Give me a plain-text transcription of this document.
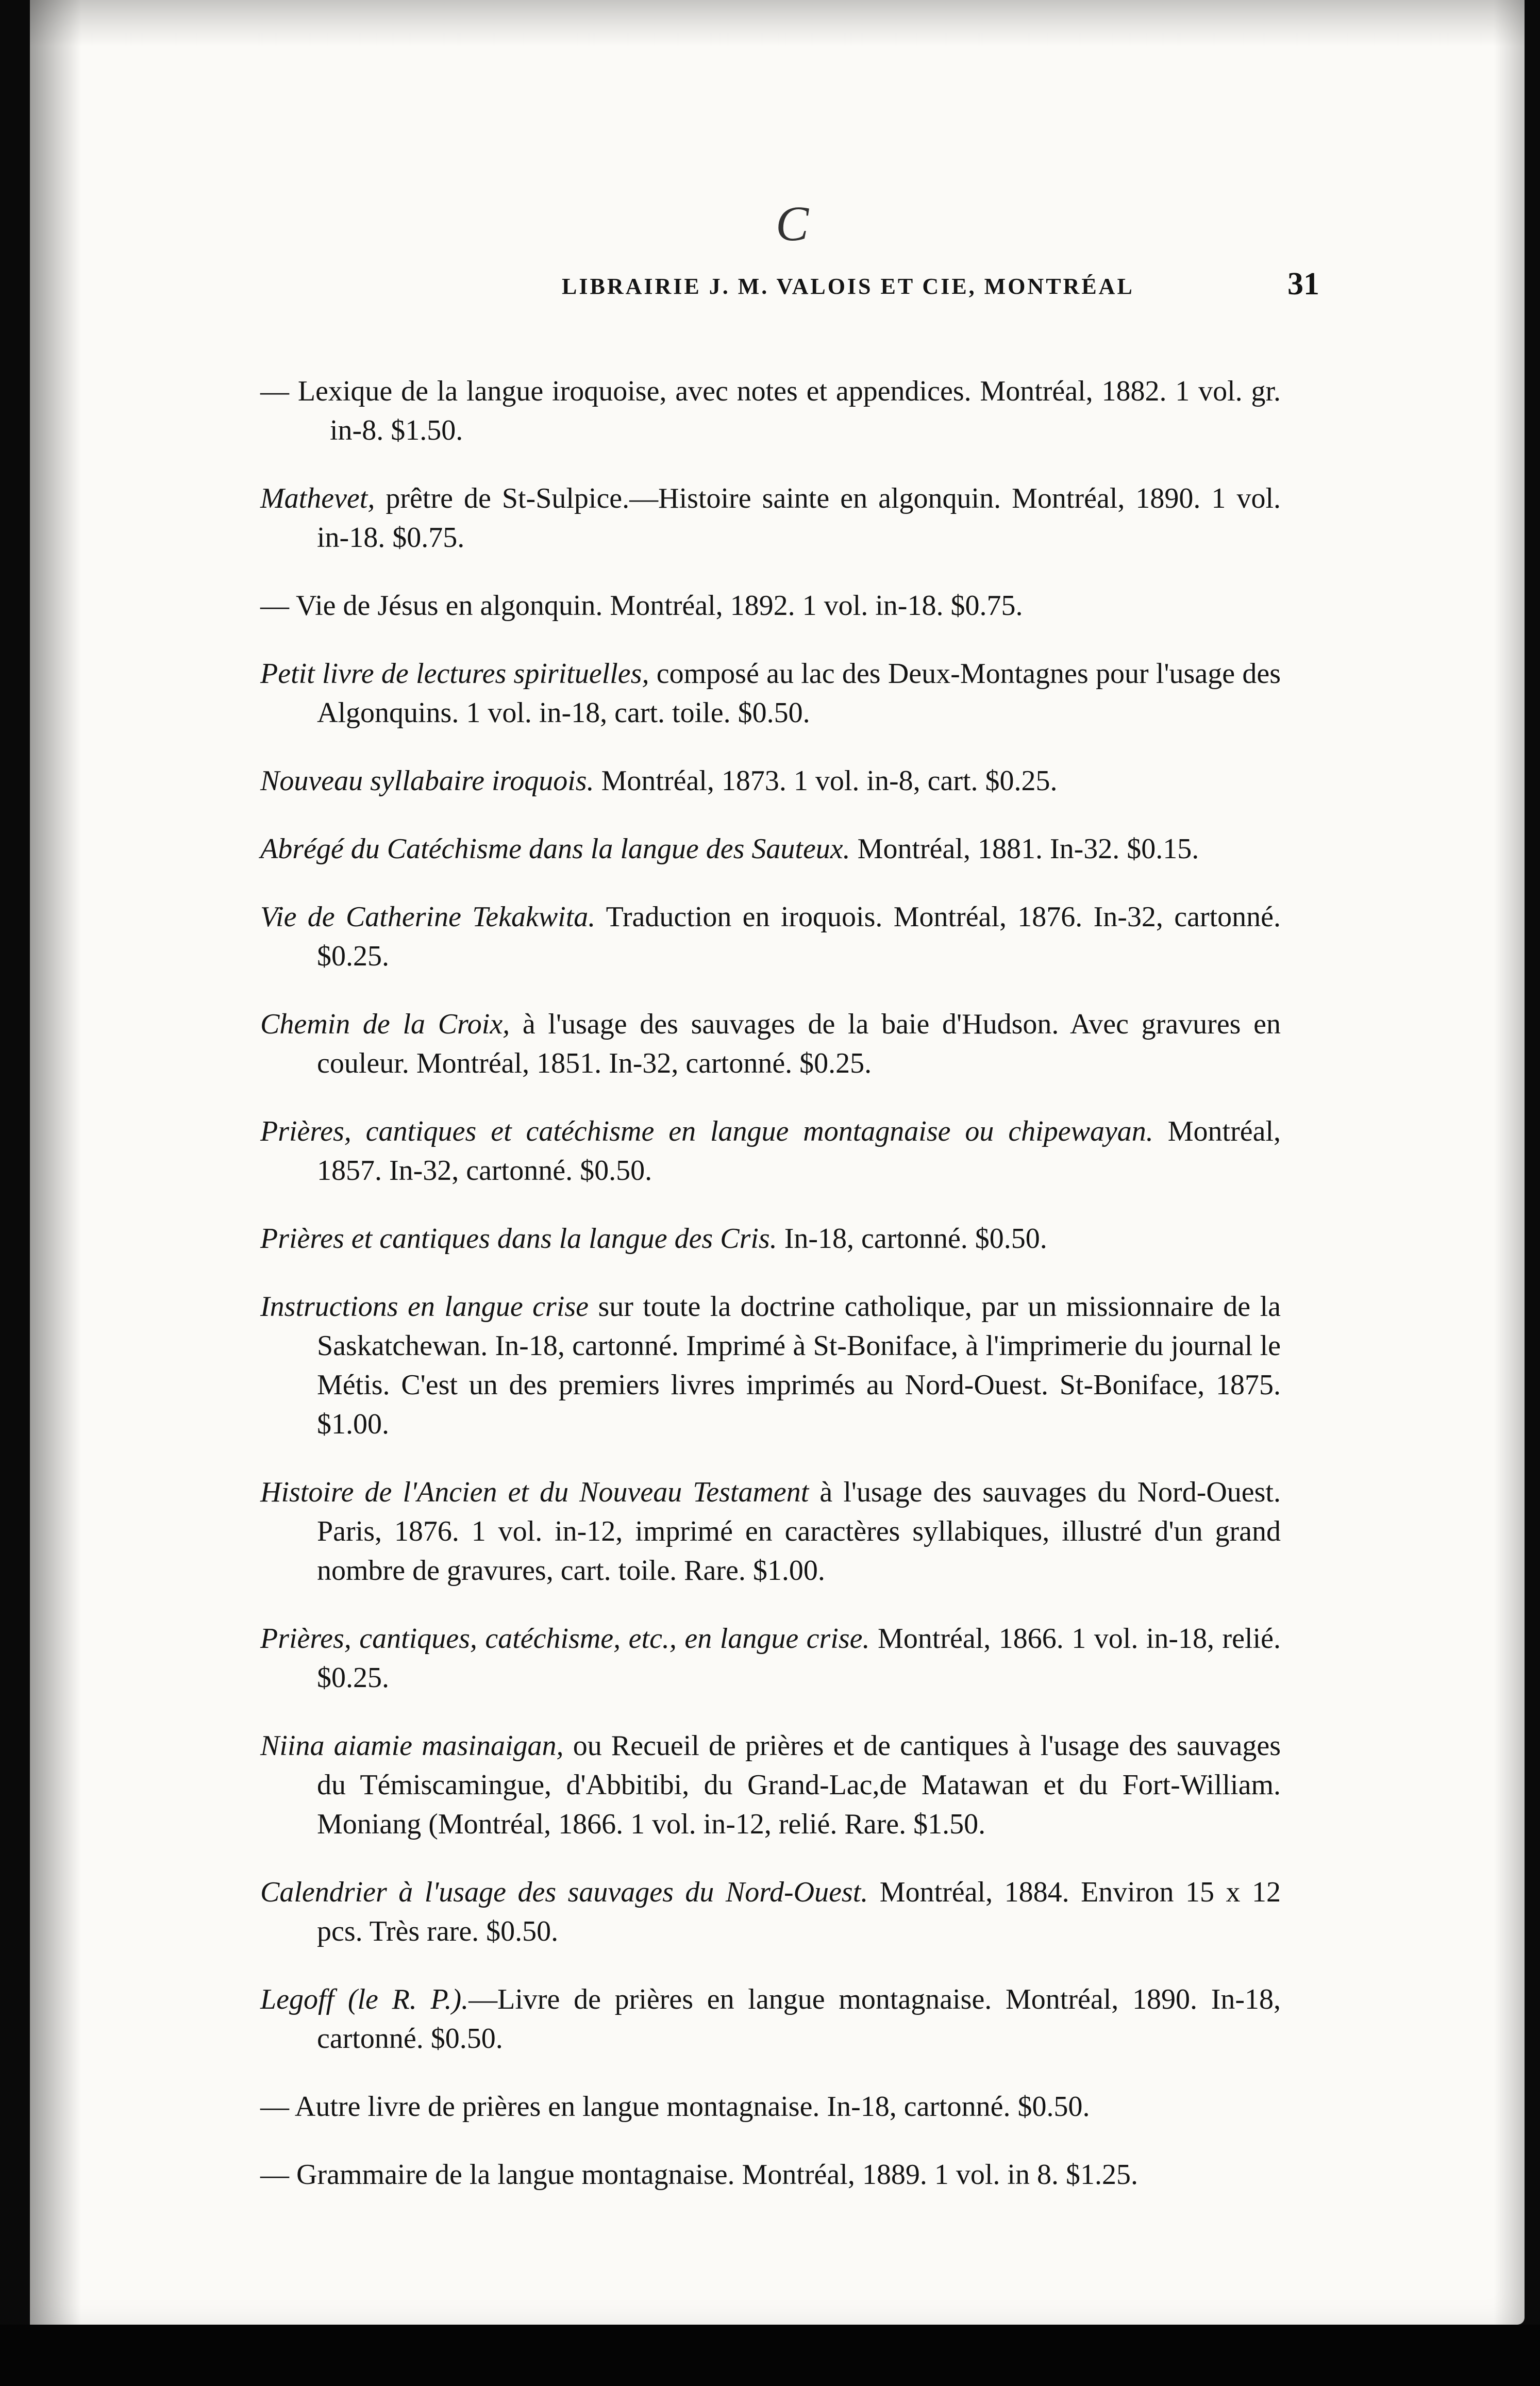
C
LIBRAIRIE J. M. VALOIS ET CIE, MONTRÉAL	31

— Lexique de la langue iroquoise, avec notes et appendices. Montréal, 1882. 1 vol. gr. in-8. $1.50.

Mathevet, prêtre de St-Sulpice.—Histoire sainte en algonquin. Montréal, 1890. 1 vol. in-18. $0.75.

— Vie de Jésus en algonquin. Montréal, 1892. 1 vol. in-18. $0.75.

Petit livre de lectures spirituelles, composé au lac des Deux-Montagnes pour l'usage des Algonquins. 1 vol. in-18, cart. toile. $0.50.

Nouveau syllabaire iroquois. Montréal, 1873. 1 vol. in-8, cart. $0.25.

Abrégé du Catéchisme dans la langue des Sauteux. Montréal, 1881. In-32. $0.15.

Vie de Catherine Tekakwita. Traduction en iroquois. Montréal, 1876. In-32, cartonné. $0.25.

Chemin de la Croix, à l'usage des sauvages de la baie d'Hudson. Avec gravures en couleur. Montréal, 1851. In-32, cartonné. $0.25.

Prières, cantiques et catéchisme en langue montagnaise ou chipewayan. Montréal, 1857. In-32, cartonné. $0.50.

Prières et cantiques dans la langue des Cris. In-18, cartonné. $0.50.

Instructions en langue crise sur toute la doctrine catholique, par un missionnaire de la Saskatchewan. In-18, cartonné. Imprimé à St-Boniface, à l'imprimerie du journal le Métis. C'est un des premiers livres imprimés au Nord-Ouest. St-Boniface, 1875. $1.00.

Histoire de l'Ancien et du Nouveau Testament à l'usage des sauvages du Nord-Ouest. Paris, 1876. 1 vol. in-12, imprimé en caractères syllabiques, illustré d'un grand nombre de gravures, cart. toile. Rare. $1.00.

Prières, cantiques, catéchisme, etc., en langue crise. Montréal, 1866. 1 vol. in-18, relié. $0.25.

Niina aiamie masinaigan, ou Recueil de prières et de cantiques à l'usage des sauvages du Témiscamingue, d'Abbitibi, du Grand-Lac,de Matawan et du Fort-William. Moniang (Montréal, 1866. 1 vol. in-12, relié. Rare. $1.50.

Calendrier à l'usage des sauvages du Nord-Ouest. Montréal, 1884. Environ 15 x 12 pcs. Très rare. $0.50.

Legoff (le R. P.).—Livre de prières en langue montagnaise. Montréal, 1890. In-18, cartonné. $0.50.

— Autre livre de prières en langue montagnaise. In-18, cartonné. $0.50.

— Grammaire de la langue montagnaise. Montréal, 1889. 1 vol. in 8. $1.25.
